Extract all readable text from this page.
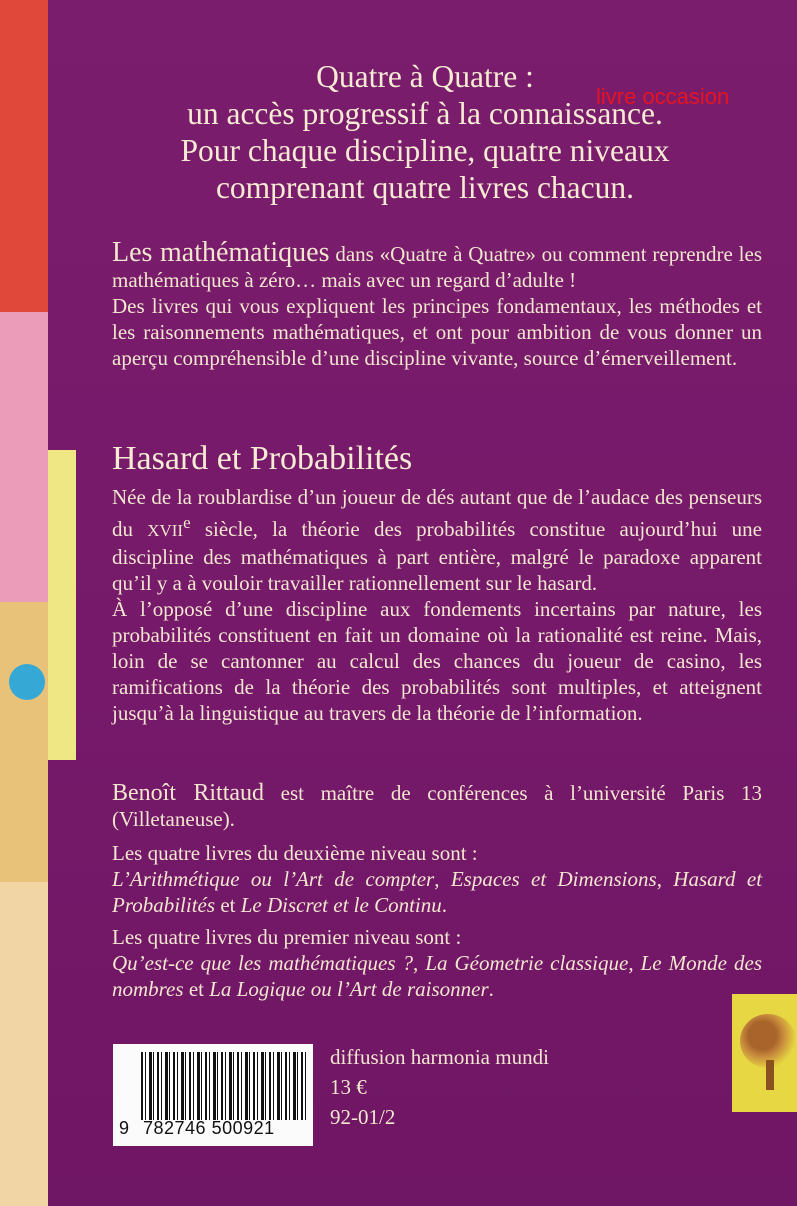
Quatre à Quatre :
un accès progressif à la connaissance.
Pour chaque discipline, quatre niveaux
comprenant quatre livres chacun.
livre occasion

Les mathématiques dans «Quatre à Quatre» ou comment reprendre les mathématiques à zéro… mais avec un regard d’adulte !

Des livres qui vous expliquent les principes fondamentaux, les méthodes et les raisonnements mathématiques, et ont pour ambition de vous donner un aperçu compréhensible d’une discipline vivante, source d’émerveillement.

Hasard et Probabilités

Née de la roublardise d’un joueur de dés autant que de l’audace des penseurs du XVIIe siècle, la théorie des probabilités constitue aujourd’hui une discipline des mathématiques à part entière, malgré le paradoxe apparent qu’il y a à vouloir travailler rationnellement sur le hasard.

À l’opposé d’une discipline aux fondements incertains par nature, les probabilités constituent en fait un domaine où la rationalité est reine. Mais, loin de se cantonner au calcul des chances du joueur de casino, les ramifications de la théorie des probabilités sont multiples, et atteignent jusqu’à la linguistique au travers de la théorie de l’information.

Benoît Rittaud est maître de conférences à l’université Paris 13 (Villetaneuse).

Les quatre livres du deuxième niveau sont :
L’Arithmétique ou l’Art de compter, Espaces et Dimensions, Hasard et Probabilités et Le Discret et le Continu.

Les quatre livres du premier niveau sont :
Qu’est-ce que les mathématiques ?, La Géometrie classique, Le Monde des nombres et La Logique ou l’Art de raisonner.

9 782746 500921
diffusion harmonia mundi
13 €
92-01/2
